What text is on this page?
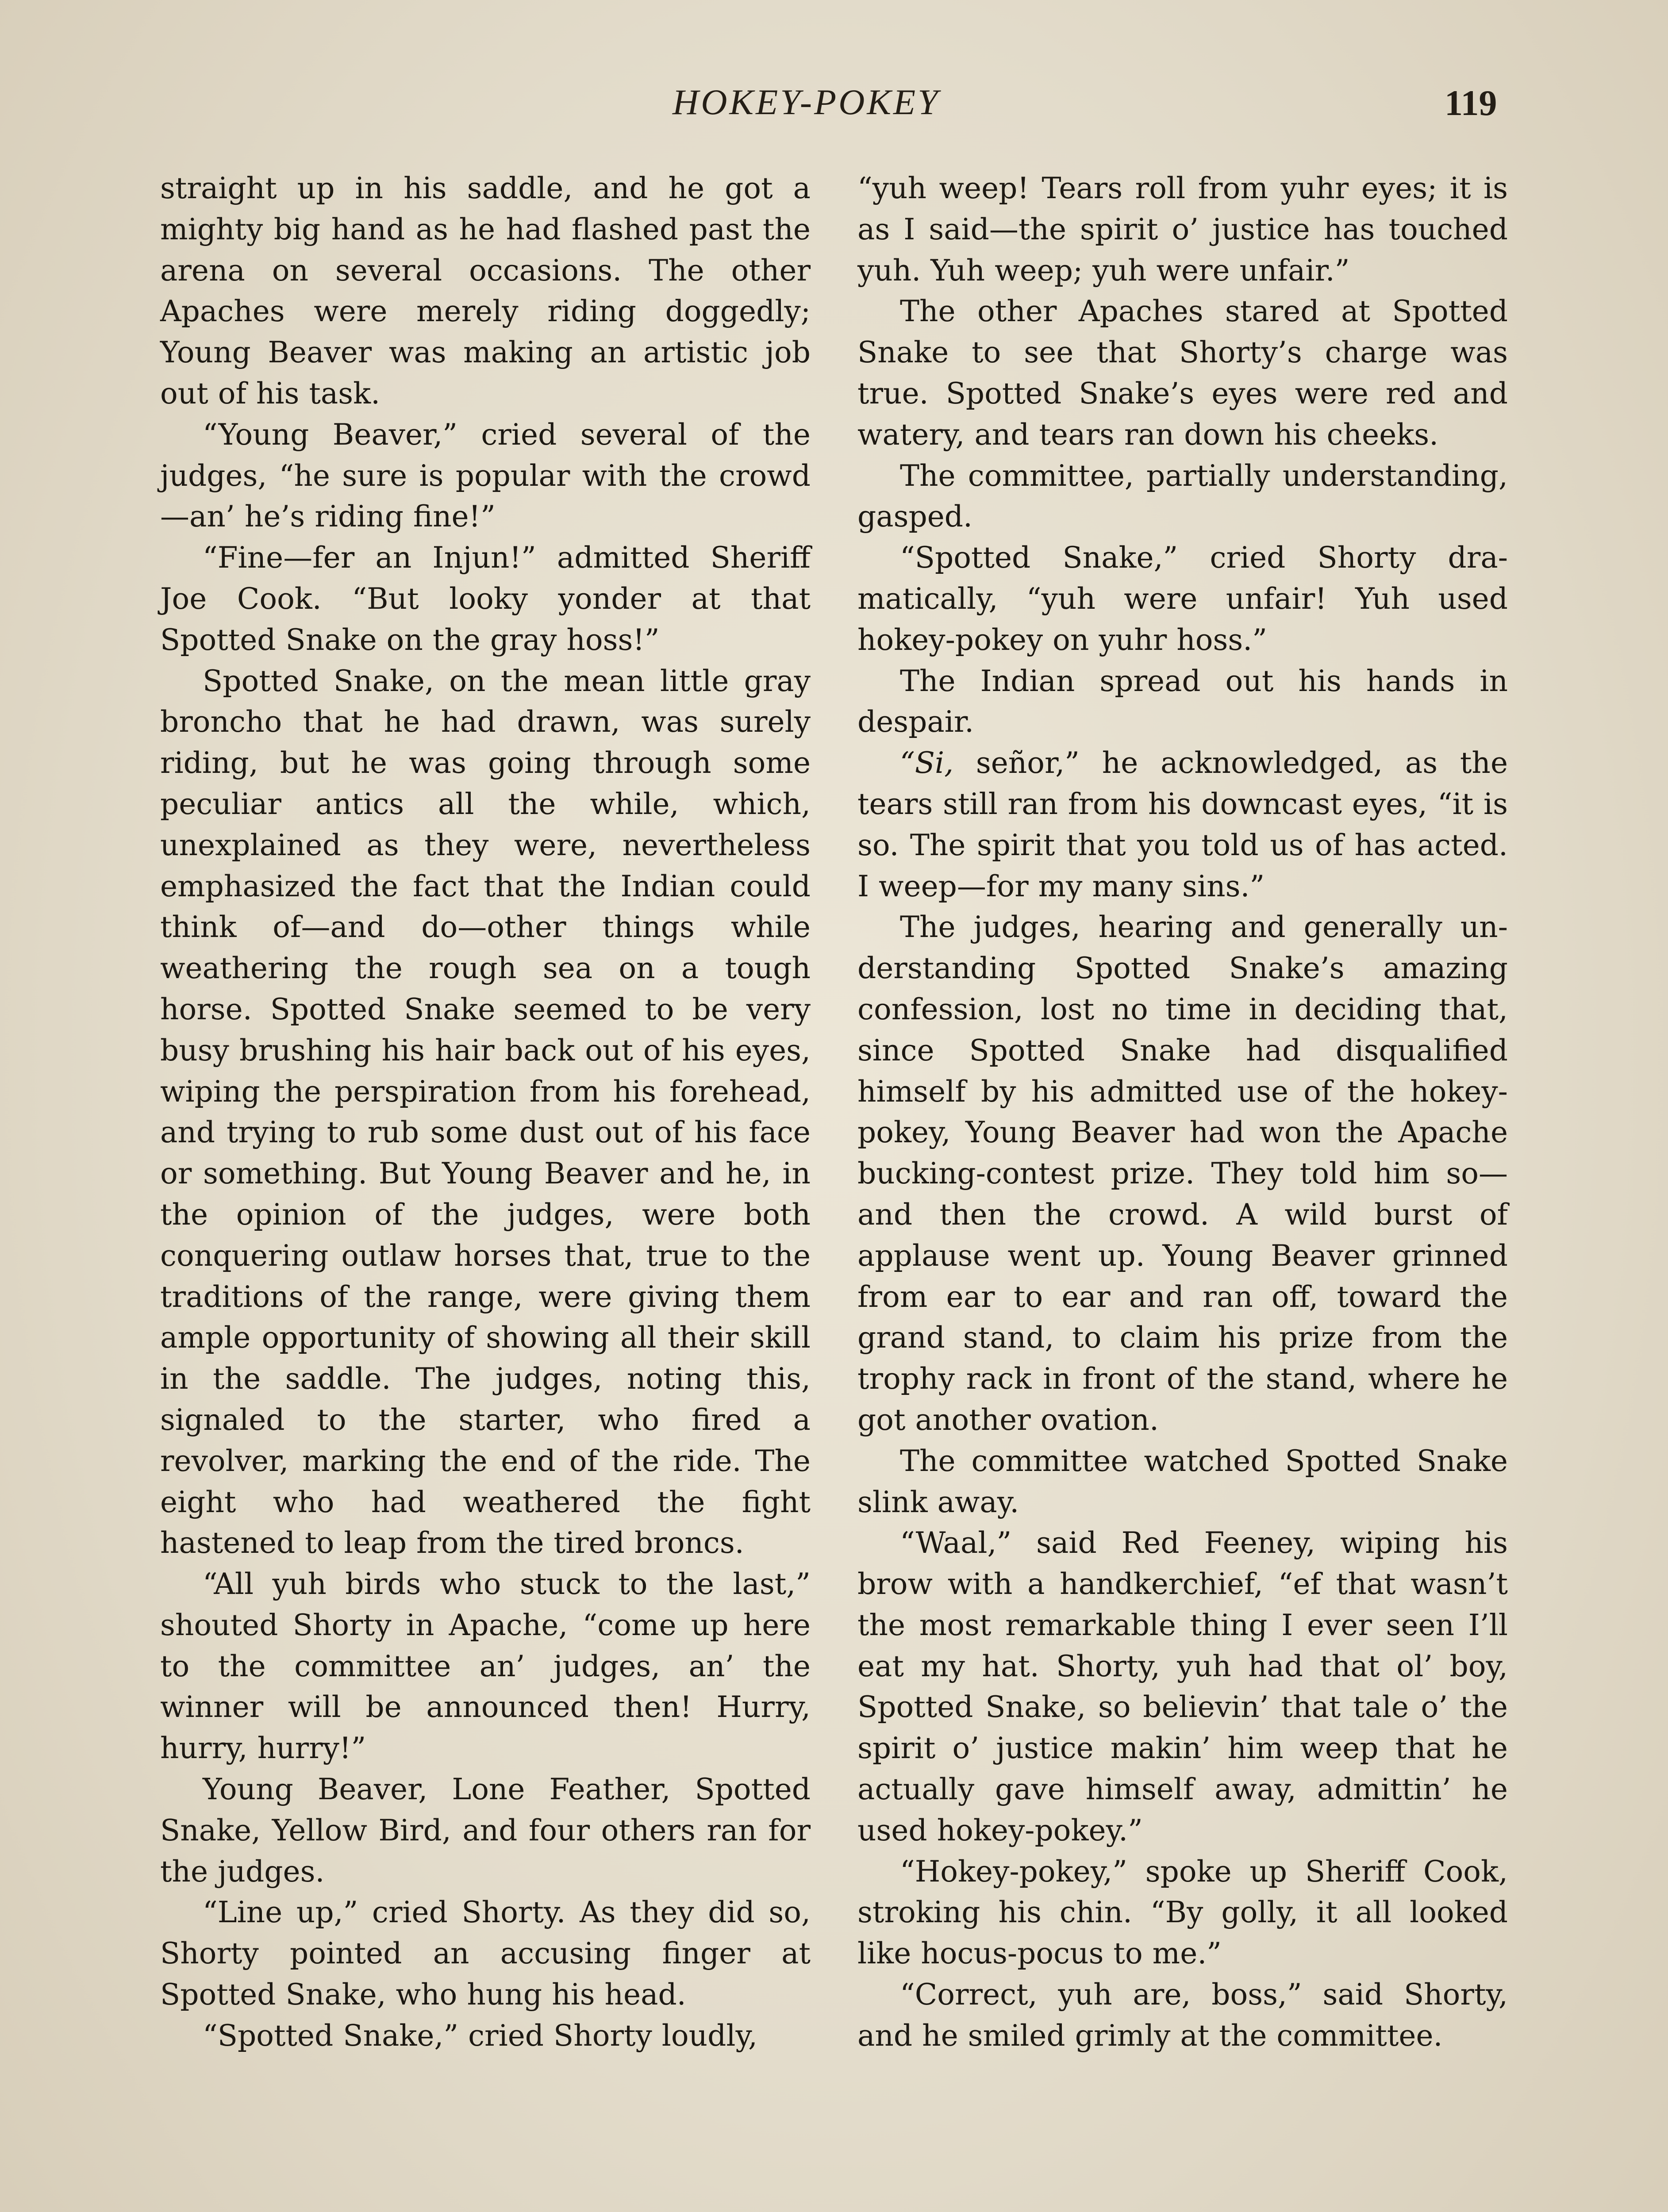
HOKEY-POKEY	119

straight up in his saddle, and he got a mighty big hand as he had flashed past the arena on several occasions. The other Apaches were merely riding doggedly; Young Beaver was making an artistic job out of his task.

“Young Beaver,” cried several of the judges, “he sure is popular with the crowd—an’ he’s riding fine!”

“Fine—fer an Injun!” admitted Sheriff Joe Cook. “But looky yonder at that Spotted Snake on the gray hoss!”

Spotted Snake, on the mean little gray broncho that he had drawn, was surely riding, but he was going through some peculiar antics all the while, which, unexplained as they were, nevertheless emphasized the fact that the Indian could think of—and do—other things while weathering the rough sea on a tough horse. Spotted Snake seemed to be very busy brushing his hair back out of his eyes, wiping the perspiration from his forehead, and trying to rub some dust out of his face or something. But Young Beaver and he, in the opinion of the judges, were both conquering outlaw horses that, true to the traditions of the range, were giving them ample opportunity of showing all their skill in the saddle. The judges, noting this, signaled to the starter, who fired a revolver, marking the end of the ride. The eight who had weathered the fight hastened to leap from the tired broncs.

“All yuh birds who stuck to the last,” shouted Shorty in Apache, “come up here to the committee an’ judges, an’ the winner will be announced then! Hurry, hurry, hurry!”

Young Beaver, Lone Feather, Spotted Snake, Yellow Bird, and four others ran for the judges.

“Line up,” cried Shorty. As they did so, Shorty pointed an accusing finger at Spotted Snake, who hung his head.

“Spotted Snake,” cried Shorty loudly,

“yuh weep! Tears roll from yuhr eyes; it is as I said—the spirit o’ justice has touched yuh. Yuh weep; yuh were unfair.”

The other Apaches stared at Spotted Snake to see that Shorty’s charge was true. Spotted Snake’s eyes were red and watery, and tears ran down his cheeks.

The committee, partially understanding, gasped.

“Spotted Snake,” cried Shorty dramatically, “yuh were unfair! Yuh used hokey-pokey on yuhr hoss.”

The Indian spread out his hands in despair.

“Si, señor,” he acknowledged, as the tears still ran from his downcast eyes, “it is so. The spirit that you told us of has acted. I weep—for my many sins.”

The judges, hearing and generally understanding Spotted Snake’s amazing confession, lost no time in deciding that, since Spotted Snake had disqualified himself by his admitted use of the hokey-pokey, Young Beaver had won the Apache bucking-contest prize. They told him so—and then the crowd. A wild burst of applause went up. Young Beaver grinned from ear to ear and ran off, toward the grand stand, to claim his prize from the trophy rack in front of the stand, where he got another ovation.

The committee watched Spotted Snake slink away.

“Waal,” said Red Feeney, wiping his brow with a handkerchief, “ef that wasn’t the most remarkable thing I ever seen I’ll eat my hat. Shorty, yuh had that ol’ boy, Spotted Snake, so believin’ that tale o’ the spirit o’ justice makin’ him weep that he actually gave himself away, admittin’ he used hokey-pokey.”

“Hokey-pokey,” spoke up Sheriff Cook, stroking his chin. “By golly, it all looked like hocus-pocus to me.”

“Correct, yuh are, boss,” said Shorty, and he smiled grimly at the committee.
